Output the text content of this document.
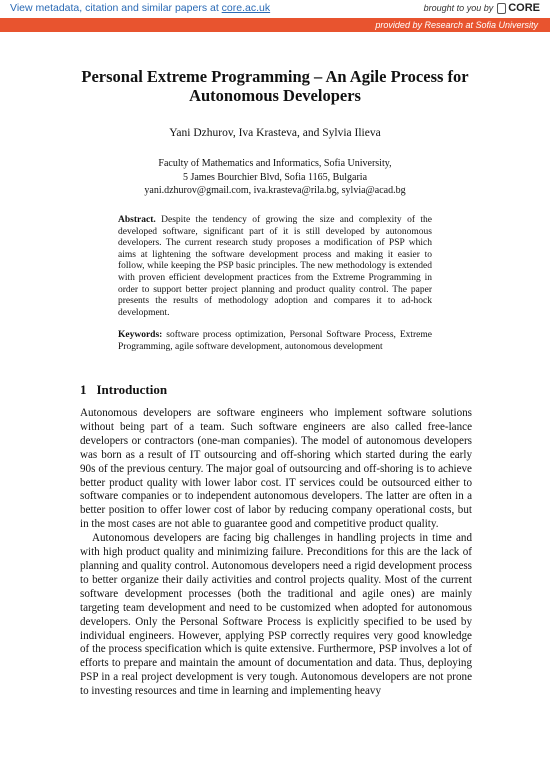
View metadata, citation and similar papers at core.ac.uk	brought to you by CORE
provided by Research at Sofia University
Personal Extreme Programming – An Agile Process for Autonomous Developers
Yani Dzhurov, Iva Krasteva, and Sylvia Ilieva
Faculty of Mathematics and Informatics, Sofia University,
5 James Bourchier Blvd, Sofia 1165, Bulgaria
yani.dzhurov@gmail.com, iva.krasteva@rila.bg, sylvia@acad.bg
Abstract. Despite the tendency of growing the size and complexity of the developed software, significant part of it is still developed by autonomous developers. The current research study proposes a modification of PSP which aims at lightening the software development process and making it easier to follow, while keeping the PSP basic principles. The new methodology is extended with proven efficient development practices from the Extreme Programming in order to support better project planning and product quality control. The paper presents the results of methodology adoption and compares it to ad-hock development.
Keywords: software process optimization, Personal Software Process, Extreme Programming, agile software development, autonomous development
1 Introduction

Autonomous developers are software engineers who implement software solutions without being part of a team. Such software engineers are also called free-lance developers or contractors (one-man companies). The model of autonomous developers was born as a result of IT outsourcing and off-shoring which started during the early 90s of the previous century. The major goal of outsourcing and off-shoring is to achieve better product quality with lower labor cost. IT services could be outsourced either to software companies or to independent autonomous developers. The latter are often in a better position to offer lower cost of labor by reducing company operational costs, but in the most cases are not able to guarantee good and competitive product quality.

Autonomous developers are facing big challenges in handling projects in time and with high product quality and minimizing failure. Preconditions for this are the lack of planning and quality control. Autonomous developers need a rigid development process to better organize their daily activities and control projects quality. Most of the current software development processes (both the traditional and agile ones) are mainly targeting team development and need to be customized when adopted for autonomous developers. Only the Personal Software Process is explicitly specified to be used by individual engineers. However, applying PSP correctly requires very good knowledge of the process specification which is quite extensive. Furthermore, PSP involves a lot of efforts to prepare and maintain the amount of documentation and data. Thus, deploying PSP in a real project development is very tough. Autonomous developers are not prone to investing resources and time in learning and implementing heavy
